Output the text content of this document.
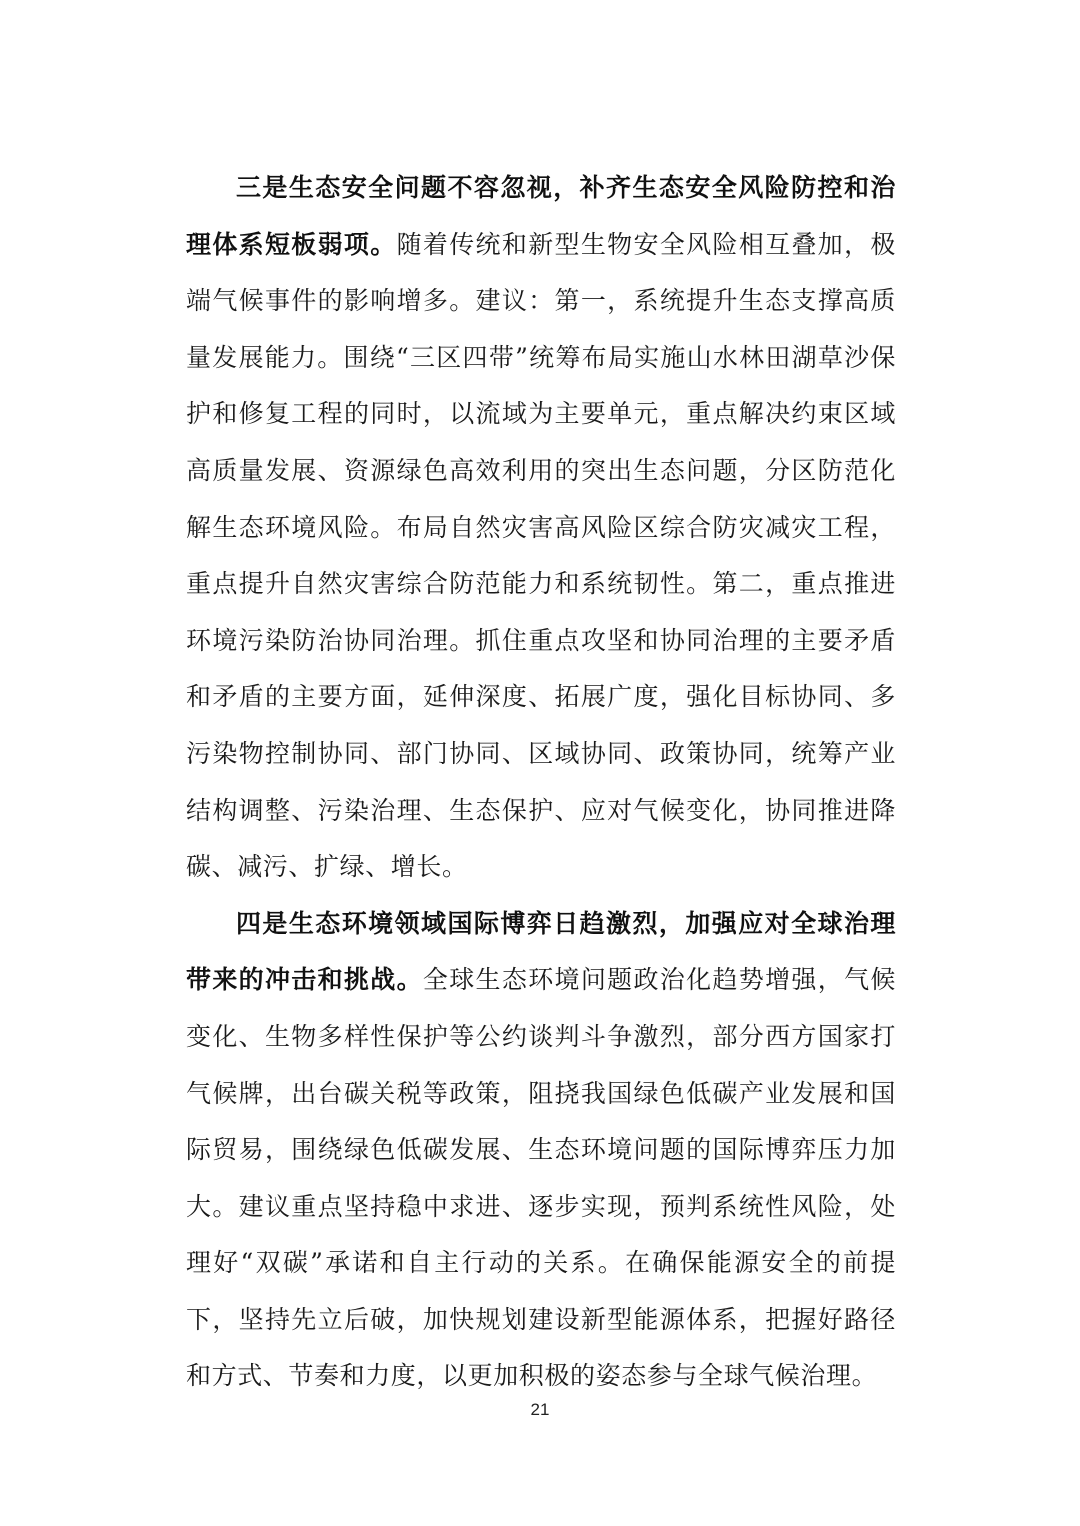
三是生态安全问题不容忽视，补齐生态安全风险防控和治理体系短板弱项。随着传统和新型生物安全风险相互叠加，极端气候事件的影响增多。建议：第一，系统提升生态支撑高质量发展能力。围绕“三区四带”统筹布局实施山水林田湖草沙保护和修复工程的同时，以流域为主要单元，重点解决约束区域高质量发展、资源绿色高效利用的突出生态问题，分区防范化解生态环境风险。布局自然灾害高风险区综合防灾减灾工程，重点提升自然灾害综合防范能力和系统韧性。第二，重点推进环境污染防治协同治理。抓住重点攻坚和协同治理的主要矛盾和矛盾的主要方面，延伸深度、拓展广度，强化目标协同、多污染物控制协同、部门协同、区域协同、政策协同，统筹产业结构调整、污染治理、生态保护、应对气候变化，协同推进降碳、减污、扩绿、增长。

四是生态环境领域国际博弈日趋激烈，加强应对全球治理带来的冲击和挑战。全球生态环境问题政治化趋势增强，气候变化、生物多样性保护等公约谈判斗争激烈，部分西方国家打气候牌，出台碳关税等政策，阻挠我国绿色低碳产业发展和国际贸易，围绕绿色低碳发展、生态环境问题的国际博弈压力加大。建议重点坚持稳中求进、逐步实现，预判系统性风险，处理好“双碳”承诺和自主行动的关系。在确保能源安全的前提下，坚持先立后破，加快规划建设新型能源体系，把握好路径和方式、节奏和力度，以更加积极的姿态参与全球气候治理。

21
